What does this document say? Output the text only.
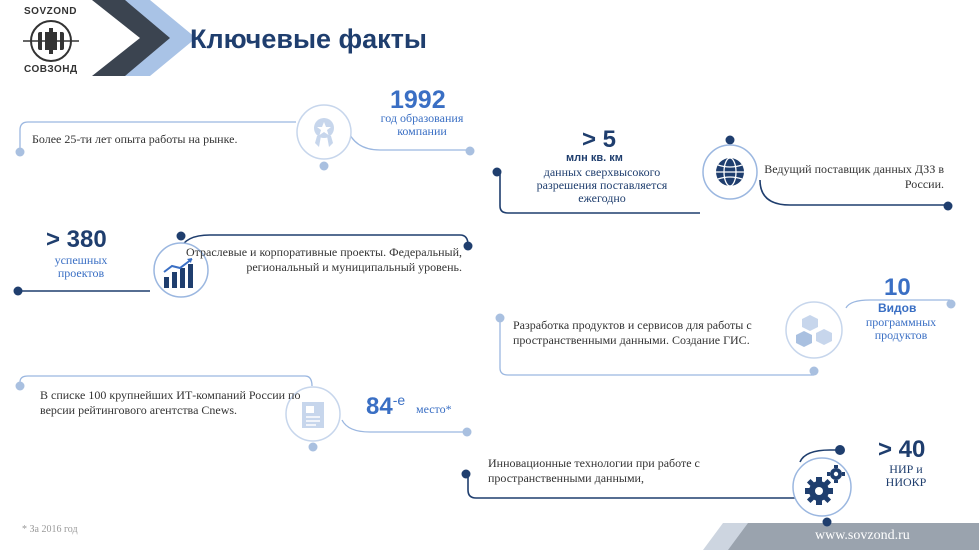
SOVZOND
СОВЗОНД
Ключевые факты
Более 25-ти лет опыта работы на рынке.
1992
год образования компании	> 5
млн кв. км
данных сверхвысокого разрешения поставляется ежегодно
Ведущий поставщик данных ДЗЗ в России.
> 380
успешных проектов
Отраслевые и корпоративные проекты. Федеральный, региональный и муниципальный уровень.
Разработка продуктов и сервисов для работы с пространственными данными. Создание ГИС.
10
Видов
программных продуктов
В списке 100 крупнейших ИТ-компаний России по версии рейтингового агентства Cnews.	$84^{-е}$
место*
Инновационные технологии при работе с пространственными данными,
> 40
НИР и НИОКР
* За 2016 год	www.sovzond.ru
